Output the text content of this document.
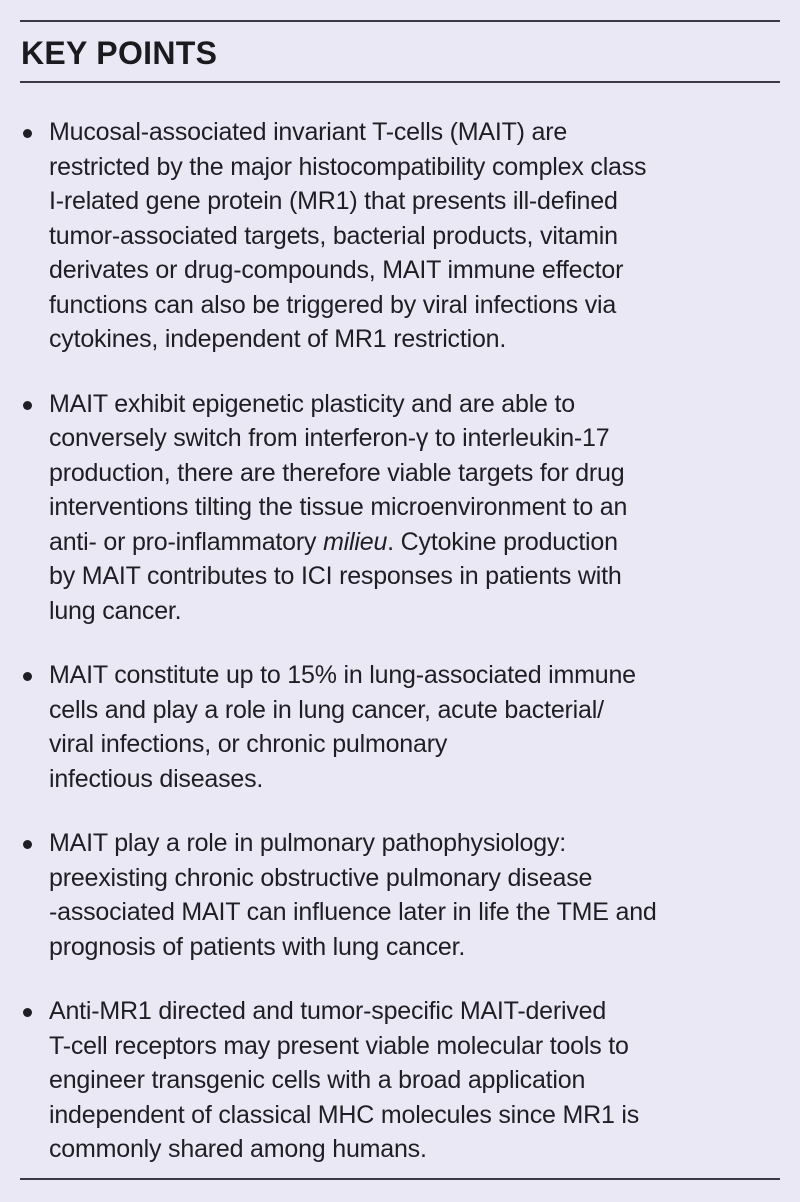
KEY POINTS
Mucosal-associated invariant T-cells (MAIT) are
restricted by the major histocompatibility complex class
I-related gene protein (MR1) that presents ill-defined
tumor-associated targets, bacterial products, vitamin
derivates or drug-compounds, MAIT immune effector
functions can also be triggered by viral infections via
cytokines, independent of MR1 restriction.
MAIT exhibit epigenetic plasticity and are able to
conversely switch from interferon-γ to interleukin-17
production, there are therefore viable targets for drug
interventions tilting the tissue microenvironment to an
anti- or pro-inflammatory milieu. Cytokine production
by MAIT contributes to ICI responses in patients with
lung cancer.
MAIT constitute up to 15% in lung-associated immune
cells and play a role in lung cancer, acute bacterial/
viral infections, or chronic pulmonary
infectious diseases.
MAIT play a role in pulmonary pathophysiology:
preexisting chronic obstructive pulmonary disease
-associated MAIT can influence later in life the TME and
prognosis of patients with lung cancer.
Anti-MR1 directed and tumor-specific MAIT-derived
T-cell receptors may present viable molecular tools to
engineer transgenic cells with a broad application
independent of classical MHC molecules since MR1 is
commonly shared among humans.
